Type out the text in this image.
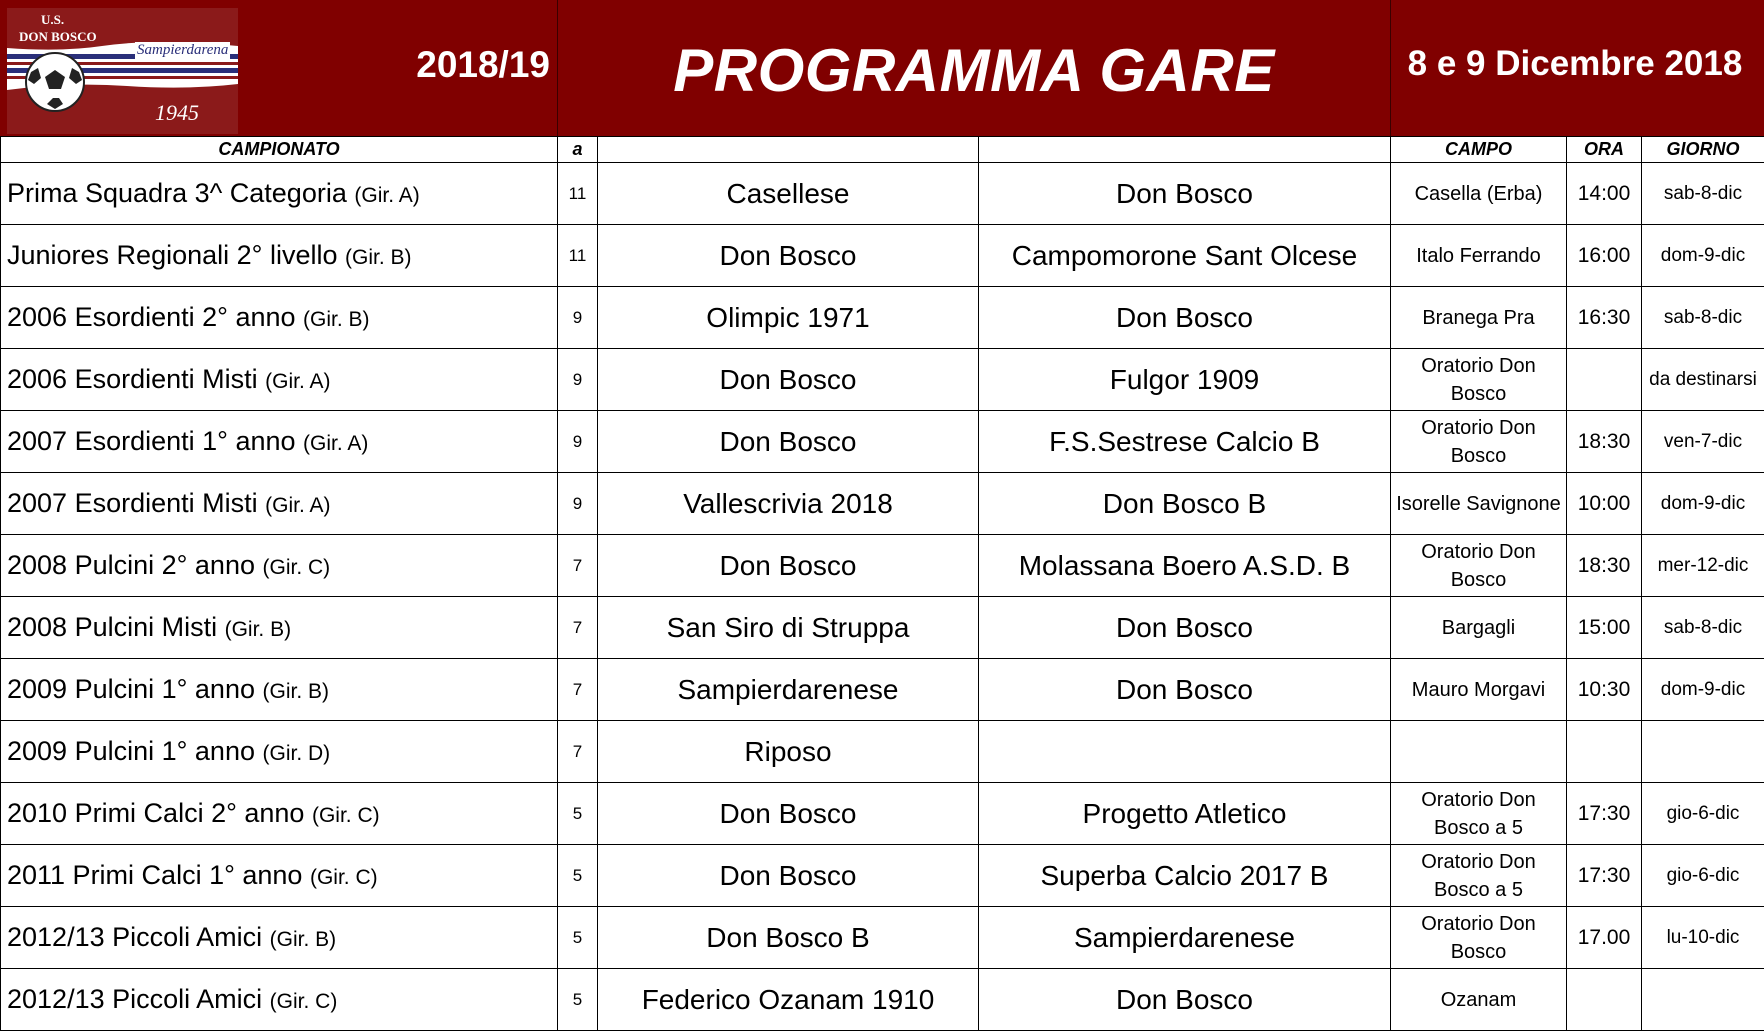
U.S.
DON BOSCO
Sampierdarena
1945
2018/19	PROGRAMMA GARE	8 e 9 Dicembre 2018
CAMPIONATO	a			CAMPO	ORA	GIORNO
Prima Squadra 3^ Categoria (Gir. A)	11	Casellese	Don Bosco	Casella (Erba)	14:00	sab-8-dic
Juniores Regionali 2° livello (Gir. B)	11	Don Bosco	Campomorone Sant Olcese	Italo Ferrando	16:00	dom-9-dic
2006 Esordienti 2° anno (Gir. B)	9	Olimpic 1971	Don Bosco	Branega Pra	16:30	sab-8-dic
2006 Esordienti Misti (Gir. A)	9	Don Bosco	Fulgor 1909	Oratorio Don Bosco		da destinarsi
2007 Esordienti 1° anno (Gir. A)	9	Don Bosco	F.S.Sestrese Calcio B	Oratorio Don Bosco	18:30	ven-7-dic
2007 Esordienti Misti (Gir. A)	9	Vallescrivia 2018	Don Bosco B	Isorelle Savignone	10:00	dom-9-dic
2008 Pulcini 2° anno (Gir. C)	7	Don Bosco	Molassana Boero A.S.D. B	Oratorio Don Bosco	18:30	mer-12-dic
2008 Pulcini Misti (Gir. B)	7	San Siro di Struppa	Don Bosco	Bargagli	15:00	sab-8-dic
2009 Pulcini 1° anno (Gir. B)	7	Sampierdarenese	Don Bosco	Mauro Morgavi	10:30	dom-9-dic
2009 Pulcini 1° anno (Gir. D)	7	Riposo				
2010 Primi Calci 2° anno (Gir. C)	5	Don Bosco	Progetto Atletico	Oratorio Don Bosco a 5	17:30	gio-6-dic
2011 Primi Calci 1° anno (Gir. C)	5	Don Bosco	Superba Calcio 2017 B	Oratorio Don Bosco a 5	17:30	gio-6-dic
2012/13 Piccoli Amici (Gir. B)	5	Don Bosco B	Sampierdarenese	Oratorio Don Bosco	17.00	lu-10-dic
2012/13 Piccoli Amici (Gir. C)	5	Federico Ozanam 1910	Don Bosco	Ozanam		
